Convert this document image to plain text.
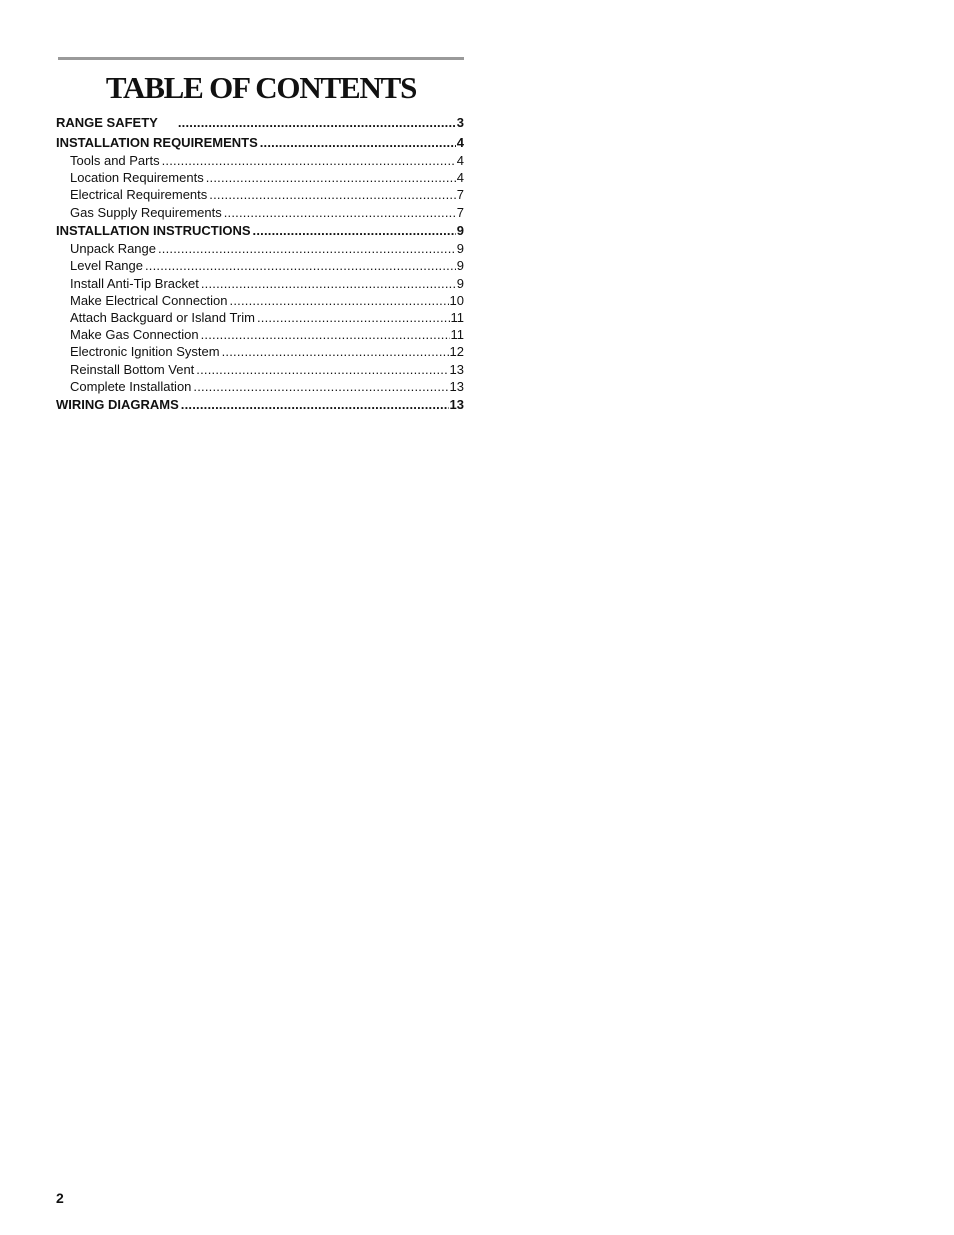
TABLE OF CONTENTS
RANGE SAFETY .....	3
INSTALLATION REQUIREMENTS .....	4
Tools and Parts .....	4
Location Requirements .....	4
Electrical Requirements .....	7
Gas Supply Requirements .....	7
INSTALLATION INSTRUCTIONS .....	9
Unpack Range .....	9
Level Range .....	9
Install Anti-Tip Bracket .....	9
Make Electrical Connection .....	10
Attach Backguard or Island Trim .....	11
Make Gas Connection .....	11
Electronic Ignition System .....	12
Reinstall Bottom Vent .....	13
Complete Installation .....	13
WIRING DIAGRAMS .....	13
2
